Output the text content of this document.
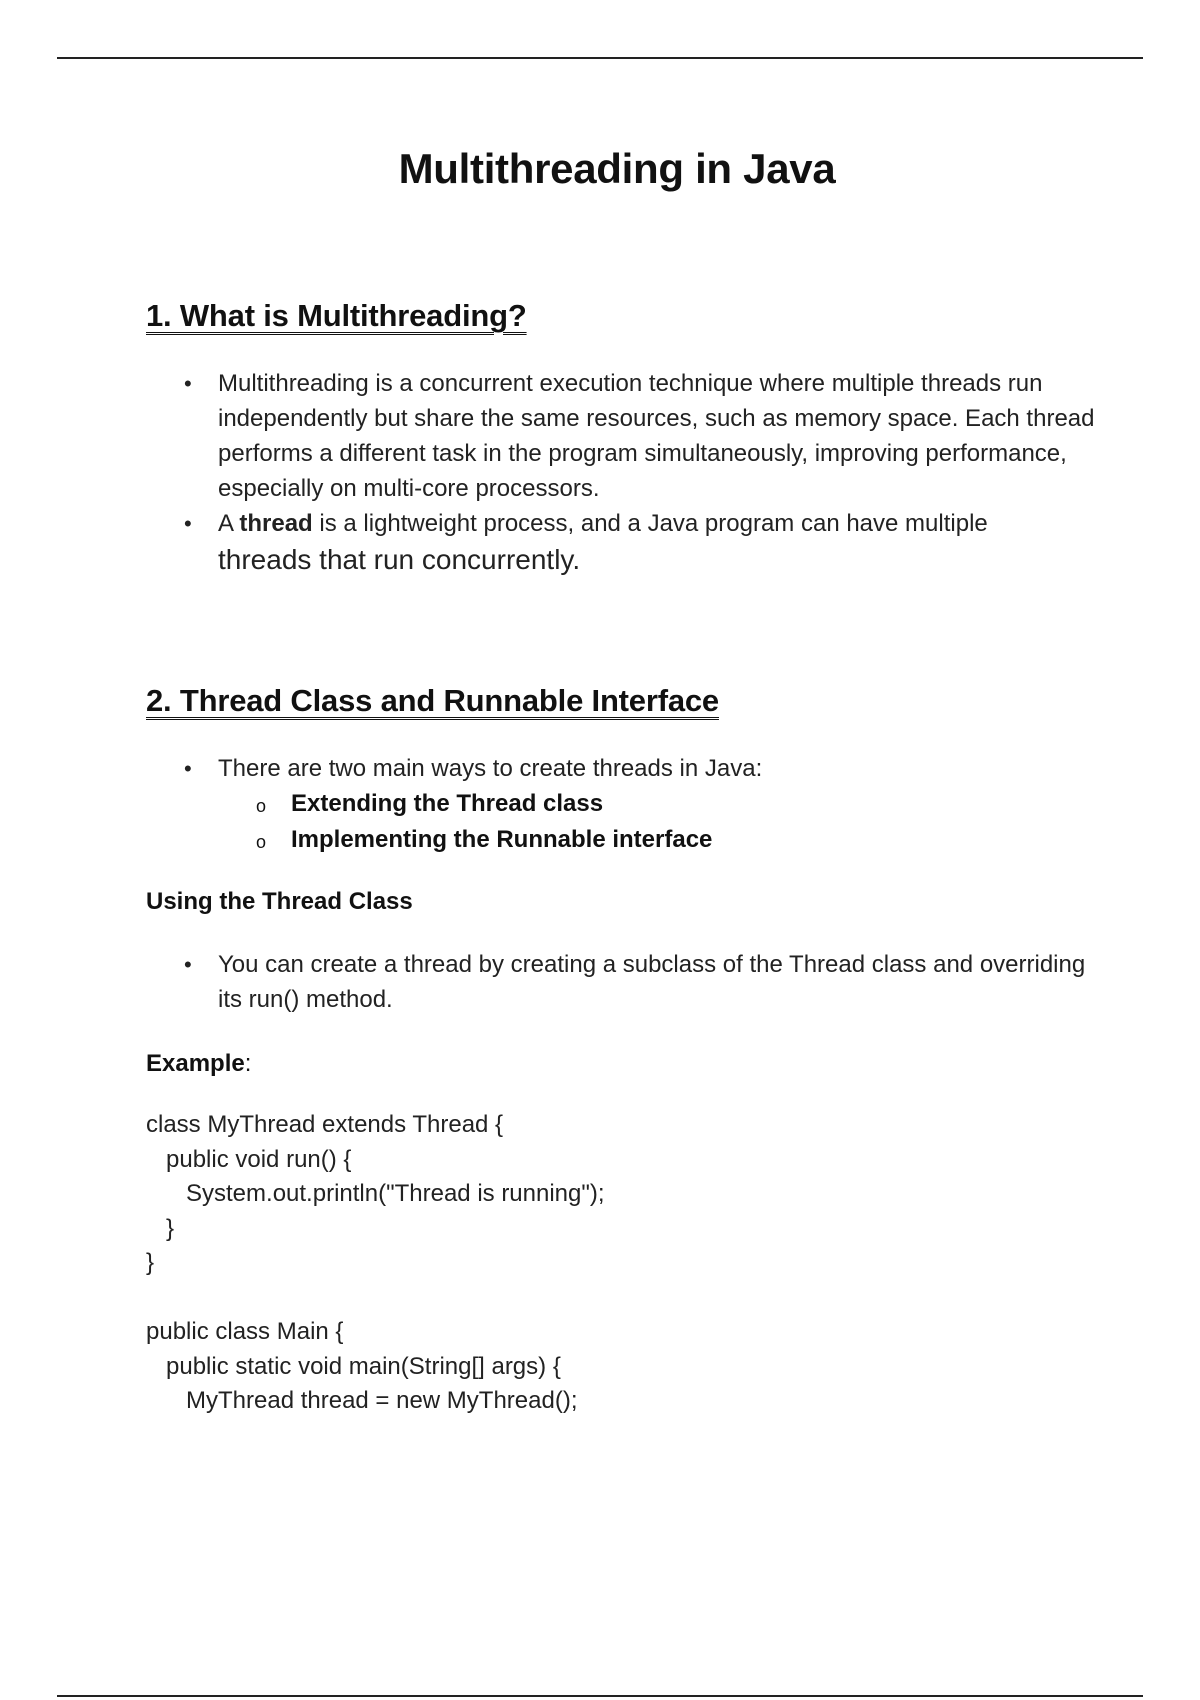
Multithreading in Java
1. What is Multithreading?
• Multithreading is a concurrent execution technique where multiple threads run independently but share the same resources, such as memory space. Each thread performs a different task in the program simultaneously, improving performance, especially on multi-core processors.
• A thread is a lightweight process, and a Java program can have multiple
threads that run concurrently.
2. Thread Class and Runnable Interface
• There are two main ways to create threads in Java:
o Extending the Thread class
o Implementing the Runnable interface
Using the Thread Class
• You can create a thread by creating a subclass of the Thread class and overriding its run() method.
Example:
class MyThread extends Thread {
public void run() {
System.out.println("Thread is running");
}
}

public class Main {
public static void main(String[] args) {
MyThread thread = new MyThread();
